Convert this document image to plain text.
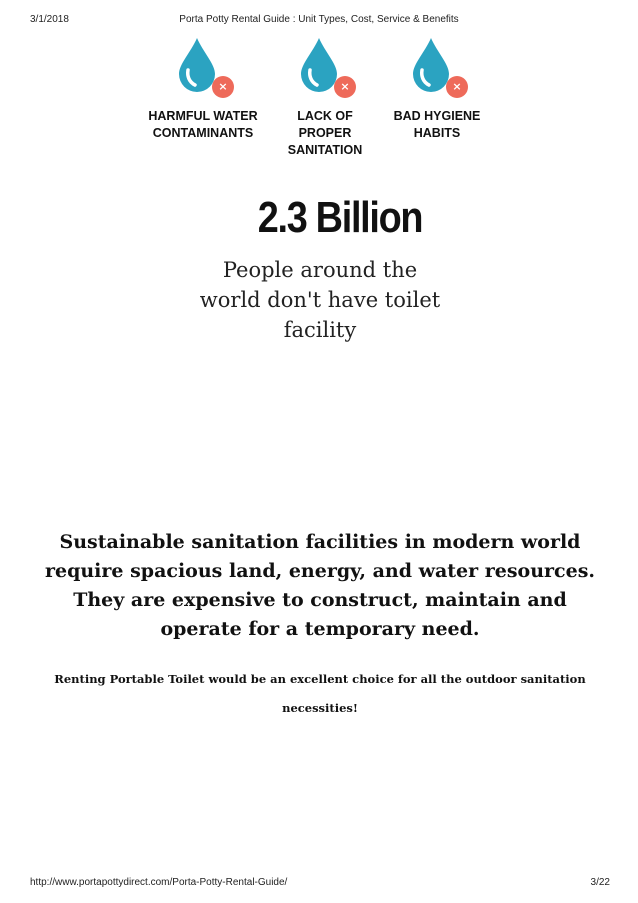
3/1/2018	Porta Potty Rental Guide : Unit Types, Cost, Service & Benefits
×
HARMFUL WATER CONTAMINANTS
×
LACK OF PROPER SANITATION
×
BAD HYGIENE HABITS
2.3 Billion
People around the world don't have toilet facility
Sustainable sanitation facilities in modern world require spacious land, energy, and water resources. They are expensive to construct, maintain and operate for a temporary need.
Renting Portable Toilet would be an excellent choice for all the outdoor sanitation necessities!
http://www.portapottydirect.com/Porta-Potty-Rental-Guide/	3/22
